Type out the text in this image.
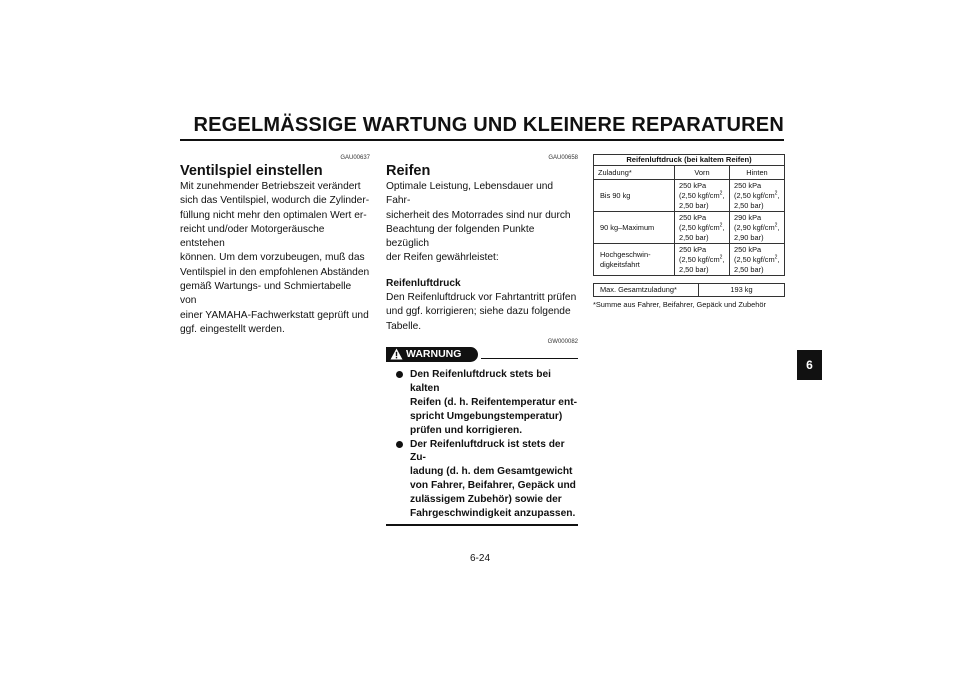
REGELMÄSSIGE WARTUNG UND KLEINERE REPARATUREN
GAU00637
Ventilspiel einstellen

Mit zunehmender Betriebszeit verändert
sich das Ventilspiel, wodurch die Zylinder-
füllung nicht mehr den optimalen Wert er-
reicht und/oder Motorgeräusche entstehen
können. Um dem vorzubeugen, muß das
Ventilspiel in den empfohlenen Abständen
gemäß Wartungs- und Schmiertabelle von
einer YAMAHA-Fachwerkstatt geprüft und
ggf. eingestellt werden.

GAU00658
Reifen

Optimale Leistung, Lebensdauer und Fahr-
sicherheit des Motorrades sind nur durch
Beachtung der folgenden Punkte bezüglich
der Reifen gewährleistet:

Reifenluftdruck

Den Reifenluftdruck vor Fahrtantritt prüfen
und ggf. korrigieren; siehe dazu folgende
Tabelle.

GW000082
WARNUNG
Den Reifenluftdruck stets bei kalten
Reifen (d. h. Reifentemperatur ent-
spricht Umgebungstemperatur)
prüfen und korrigieren.
Der Reifenluftdruck ist stets der Zu-
ladung (d. h. dem Gesamtgewicht
von Fahrer, Beifahrer, Gepäck und
zulässigem Zubehör) sowie der
Fahrgeschwindigkeit anzupassen.
Reifenluftdruck (bei kaltem Reifen)		
Zuladung*	Vorn	Hinten
Bis 90 kg	250 kPa
(2,50 kgf/$cm^2$,
2,50 bar)	250 kPa
(2,50 kgf/$cm^2$,
2,50 bar)
90 kg–Maximum	250 kPa
(2,50 kgf/$cm^2$,
2,50 bar)	290 kPa
(2,90 kgf/$cm^2$,
2,90 bar)
Hochgeschwin-
digkeitsfahrt	250 kPa
(2,50 kgf/$cm^2$,
2,50 bar)	250 kPa
(2,50 kgf/$cm^2$,
2,50 bar)
Max. Gesamtzuladung*	193 kg
*Summe aus Fahrer, Beifahrer, Gepäck und Zubehör
6-24
6
